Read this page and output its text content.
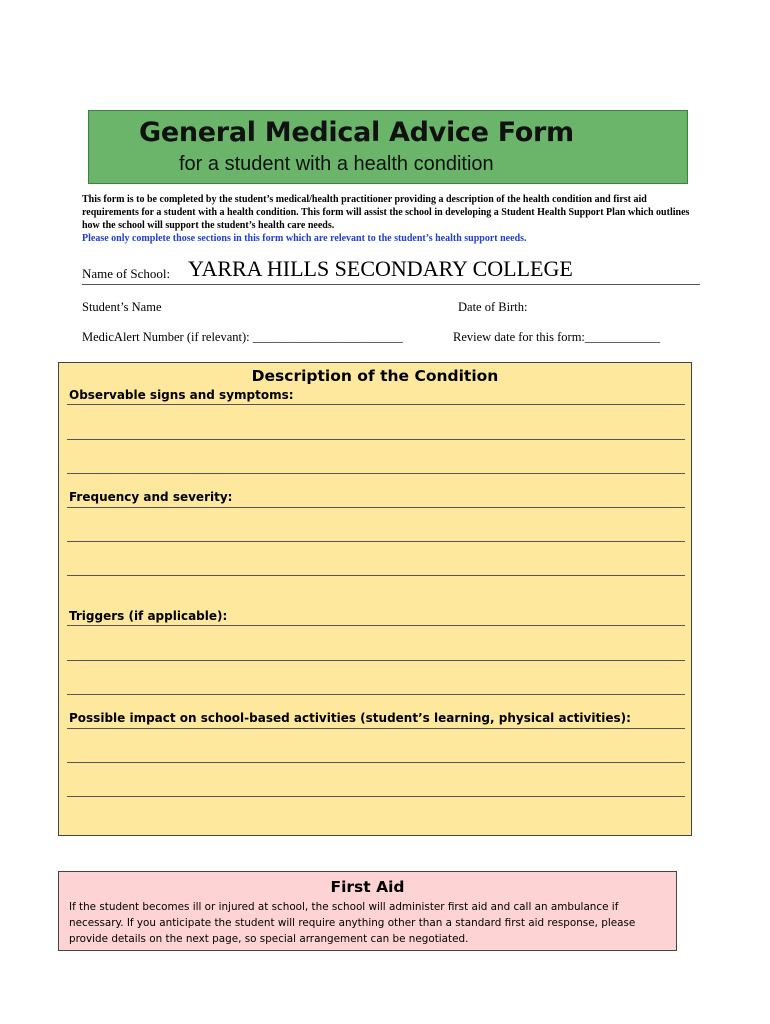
General Medical Advice Form
for a student with a health condition
This form is to be completed by the student’s medical/health practitioner providing a description of the health condition and first aid requirements for a student with a health condition. This form will assist the school in developing a Student Health Support Plan which outlines how the school will support the student’s health care needs.
Please only complete those sections in this form which are relevant to the student’s health support needs.
Name of School: YARRA HILLS SECONDARY COLLEGE
Student’s Name	Date of Birth:
MedicAlert Number (if relevant): ________________________	Review date for this form:____________
Description of the Condition
Observable signs and symptoms:
Frequency and severity:
Triggers (if applicable):
Possible impact on school-based activities (student’s learning, physical activities):
First Aid
If the student becomes ill or injured at school, the school will administer first aid and call an ambulance if necessary. If you anticipate the student will require anything other than a standard first aid response, please provide details on the next page, so special arrangement can be negotiated.
